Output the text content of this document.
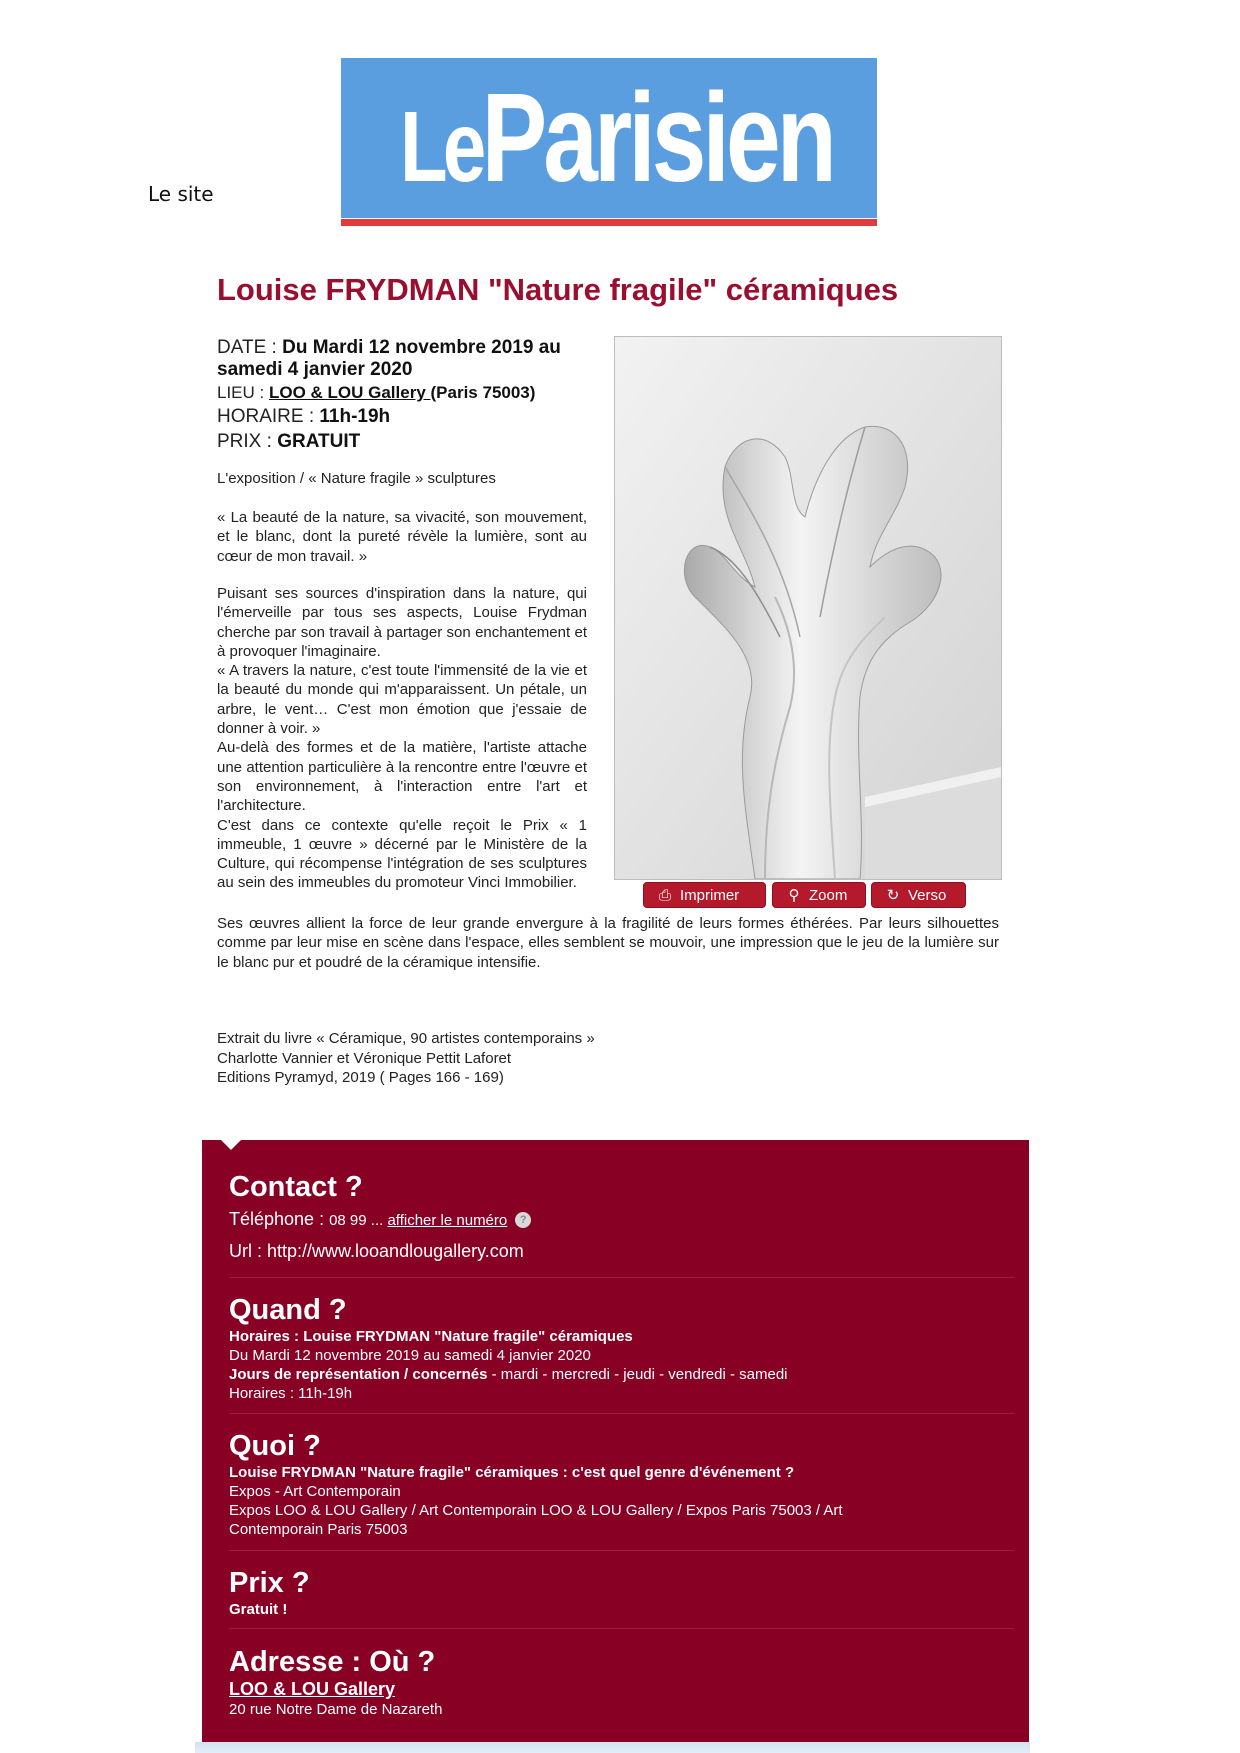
Le site LeParisien
Louise FRYDMAN "Nature fragile" céramiques
DATE : Du Mardi 12 novembre 2019 au samedi 4 janvier 2020
LIEU : LOO & LOU Gallery (Paris 75003)
HORAIRE : 11h-19h
PRIX : GRATUIT
L'exposition / « Nature fragile » sculptures
« La beauté de la nature, sa vivacité, son mouvement, et le blanc, dont la pureté révèle la lumière, sont au cœur de mon travail. »
Puisant ses sources d'inspiration dans la nature, qui l'émerveille par tous ses aspects, Louise Frydman cherche par son travail à partager son enchantement et à provoquer l'imaginaire.
« A travers la nature, c'est toute l'immensité de la vie et la beauté du monde qui m'apparaissent. Un pétale, un arbre, le vent… C'est mon émotion que j'essaie de donner à voir. »
Au-delà des formes et de la matière, l'artiste attache une attention particulière à la rencontre entre l'œuvre et son environnement, à l'interaction entre l'art et l'architecture.
C'est dans ce contexte qu'elle reçoit le Prix « 1 immeuble, 1 œuvre » décerné par le Ministère de la Culture, qui récompense l'intégration de ses sculptures au sein des immeubles du promoteur Vinci Immobilier.
Ses œuvres allient la force de leur grande envergure à la fragilité de leurs formes éthérées. Par leurs silhouettes comme par leur mise en scène dans l'espace, elles semblent se mouvoir, une impression que le jeu de la lumière sur le blanc pur et poudré de la céramique intensifie.
Extrait du livre « Céramique, 90 artistes contemporains »
Charlotte Vannier et Véronique Pettit Laforet
Editions Pyramyd, 2019 ( Pages 166 - 169)
⎙ Imprimer	⚲ Zoom	↻ Verso
Contact ?
Téléphone : 08 99 ... afficher le numéro ?
Url : http://www.looandlougallery.com
Quand ?
Horaires : Louise FRYDMAN "Nature fragile" céramiques
Du Mardi 12 novembre 2019 au samedi 4 janvier 2020
Jours de représentation / concernés - mardi - mercredi - jeudi - vendredi - samedi
Horaires : 11h-19h
Quoi ?
Louise FRYDMAN "Nature fragile" céramiques : c'est quel genre d'événement ?
Expos - Art Contemporain
Expos LOO & LOU Gallery / Art Contemporain LOO & LOU Gallery / Expos Paris 75003 / Art Contemporain Paris 75003
Prix ?
Gratuit !
Adresse : Où ?
LOO & LOU Gallery
20 rue Notre Dame de Nazareth
